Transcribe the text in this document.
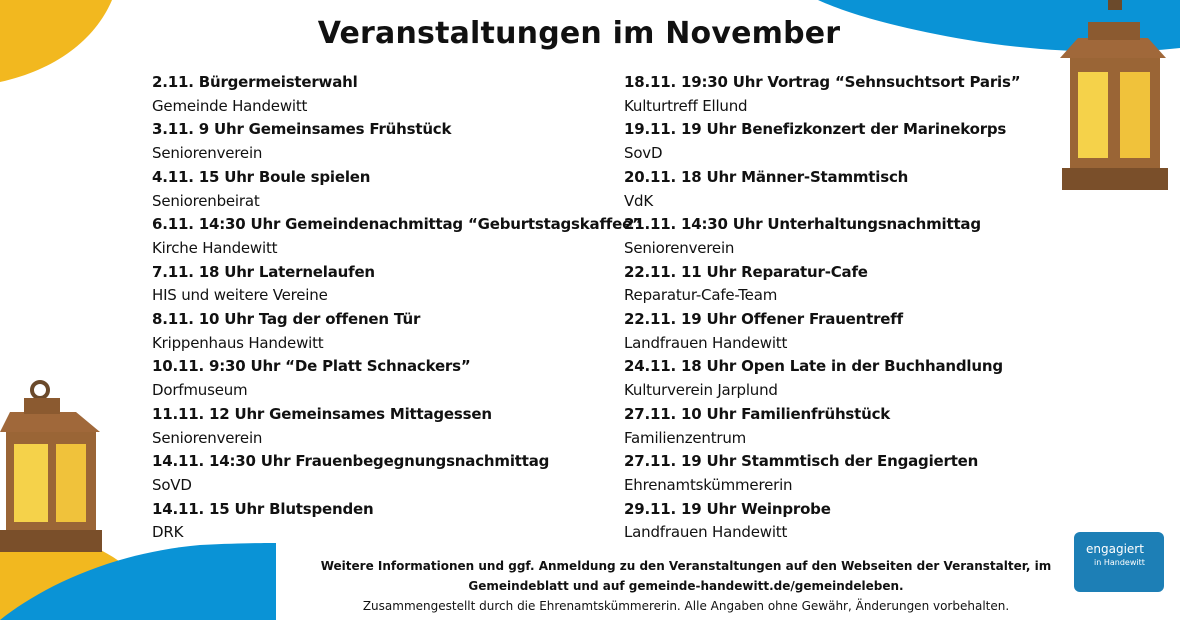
Veranstaltungen im November
2.11. Bürgermeisterwahl
Gemeinde Handewitt
3.11. 9 Uhr Gemeinsames Frühstück
Seniorenverein
4.11. 15 Uhr Boule spielen
Seniorenbeirat
6.11. 14:30 Uhr Gemeindenachmittag “Geburtstagskaffee”
Kirche Handewitt
7.11. 18 Uhr Laternelaufen
HIS und weitere Vereine
8.11. 10 Uhr Tag der offenen Tür
Krippenhaus Handewitt
10.11. 9:30 Uhr “De Platt Schnackers”
Dorfmuseum
11.11. 12 Uhr Gemeinsames Mittagessen
Seniorenverein
14.11. 14:30 Uhr Frauenbegegnungsnachmittag
SoVD
14.11. 15 Uhr Blutspenden
DRK
18.11. 19:30 Uhr Vortrag “Sehnsuchtsort Paris”
Kulturtreff Ellund
19.11. 19 Uhr Benefizkonzert der Marinekorps
SovD
20.11. 18 Uhr Männer-Stammtisch
VdK
21.11. 14:30 Uhr Unterhaltungsnachmittag
Seniorenverein
22.11. 11 Uhr Reparatur-Cafe
Reparatur-Cafe-Team
22.11. 19 Uhr Offener Frauentreff
Landfrauen Handewitt
24.11. 18 Uhr Open Late in der Buchhandlung
Kulturverein Jarplund
27.11. 10 Uhr Familienfrühstück
Familienzentrum
27.11. 19 Uhr Stammtisch der Engagierten
Ehrenamtskümmererin
29.11. 19 Uhr Weinprobe
Landfrauen Handewitt
Weitere Informationen und ggf. Anmeldung zu den Veranstaltungen auf den Webseiten der Veranstalter, im
Gemeindeblatt und auf gemeinde-handewitt.de/gemeindeleben.
Zusammengestellt durch die Ehrenamtskümmererin. Alle Angaben ohne Gewähr, Änderungen vorbehalten.
engagiert
in Handewitt
